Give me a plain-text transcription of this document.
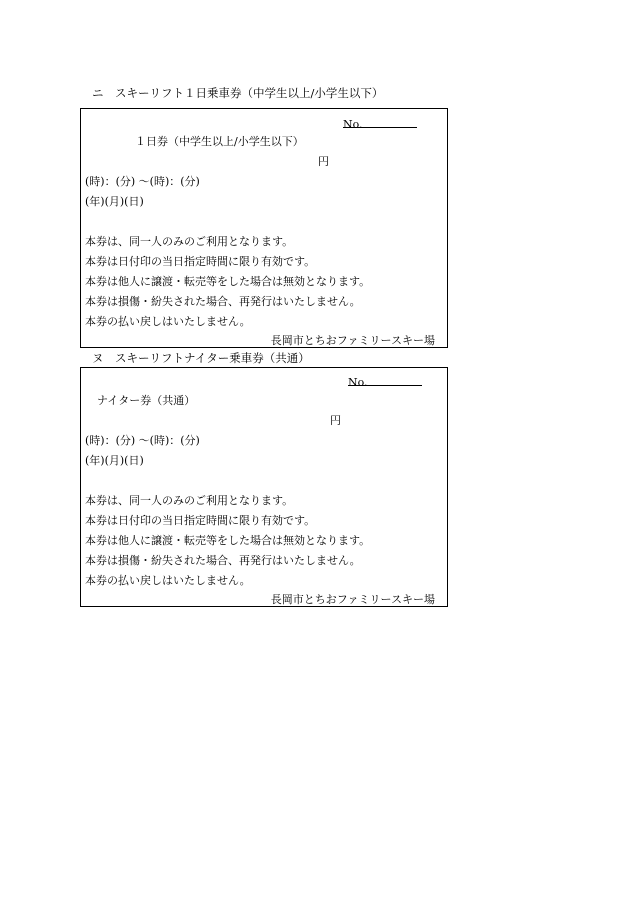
ニ　スキーリフト１日乗車券（中学生以上/小学生以下）
No.
１日券（中学生以上/小学生以下）
円
(時)：(分) ～(時)：(分)
(年)(月)(日)
本券は、同一人のみのご利用となります。
本券は日付印の当日指定時間に限り有効です。
本券は他人に譲渡・転売等をした場合は無効となります。
本券は損傷・紛失された場合、再発行はいたしません。
本券の払い戻しはいたしません。
長岡市とちおファミリースキー場
ヌ　スキーリフトナイター乗車券（共通）
No.
ナイター券（共通）
円
(時)：(分) ～(時)：(分)
(年)(月)(日)
本券は、同一人のみのご利用となります。
本券は日付印の当日指定時間に限り有効です。
本券は他人に譲渡・転売等をした場合は無効となります。
本券は損傷・紛失された場合、再発行はいたしません。
本券の払い戻しはいたしません。
長岡市とちおファミリースキー場
